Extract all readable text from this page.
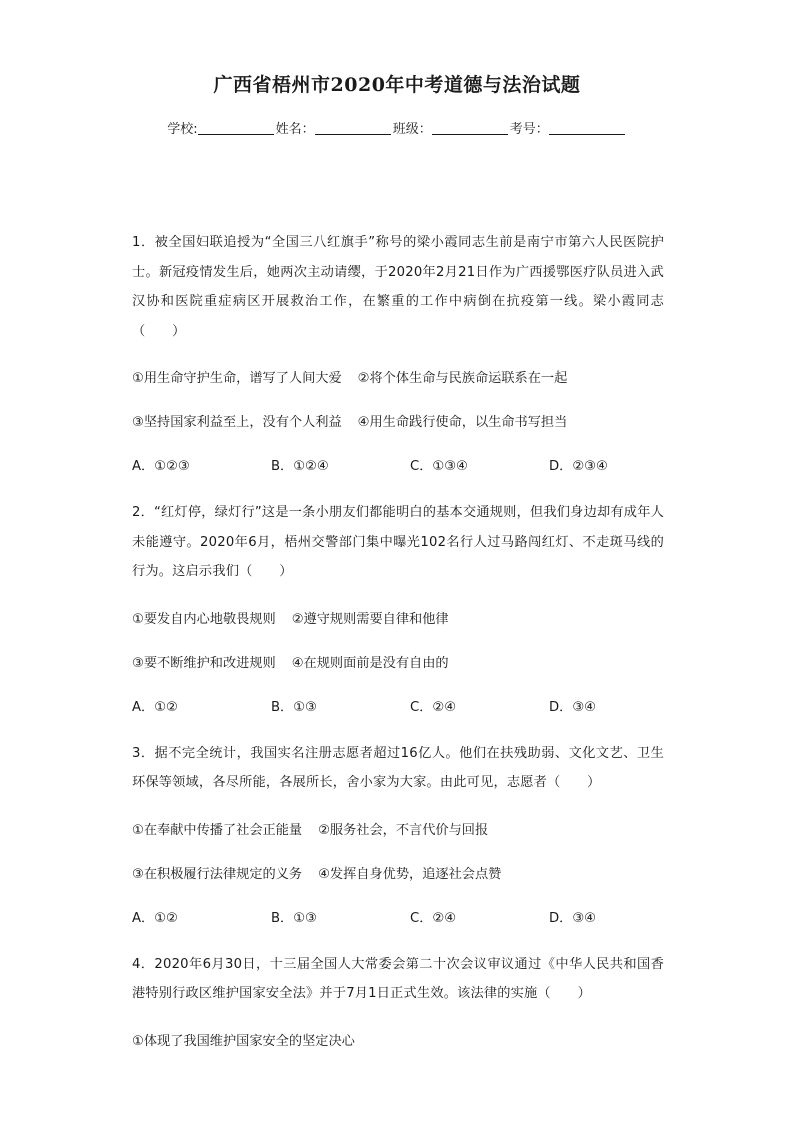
广西省梧州市2020年中考道德与法治试题
学校:	姓名：	班级：	考号：

1．被全国妇联追授为“全国三八红旗手”称号的梁小霞同志生前是南宁市第六人民医院护士。新冠疫情发生后，她两次主动请缨，于2020年2月21日作为广西援鄂医疗队员进入武汉协和医院重症病区开展救治工作，在繁重的工作中病倒在抗疫第一线。梁小霞同志（　　）

①用生命守护生命，谱写了人间大爱 ②将个体生命与民族命运联系在一起

③坚持国家利益至上，没有个人利益 ④用生命践行使命，以生命书写担当

A．①②③	B．①②④	C．①③④	D．②③④

2．“红灯停，绿灯行”这是一条小朋友们都能明白的基本交通规则，但我们身边却有成年人未能遵守。2020年6月，梧州交警部门集中曝光102名行人过马路闯红灯、不走斑马线的行为。这启示我们（　　）

①要发自内心地敬畏规则 ②遵守规则需要自律和他律

③要不断维护和改进规则 ④在规则面前是没有自由的

A．①②	B．①③	C．②④	D．③④

3．据不完全统计，我国实名注册志愿者超过16亿人。他们在扶残助弱、文化文艺、卫生环保等领域，各尽所能，各展所长，舍小家为大家。由此可见，志愿者（　　）

①在奉献中传播了社会正能量 ②服务社会，不言代价与回报

③在积极履行法律规定的义务 ④发挥自身优势，追逐社会点赞

A．①②	B．①③	C．②④	D．③④

4．2020年6月30日，十三届全国人大常委会第二十次会议审议通过《中华人民共和国香港特别行政区维护国家安全法》并于7月1日正式生效。该法律的实施（　　）

①体现了我国维护国家安全的坚定决心
